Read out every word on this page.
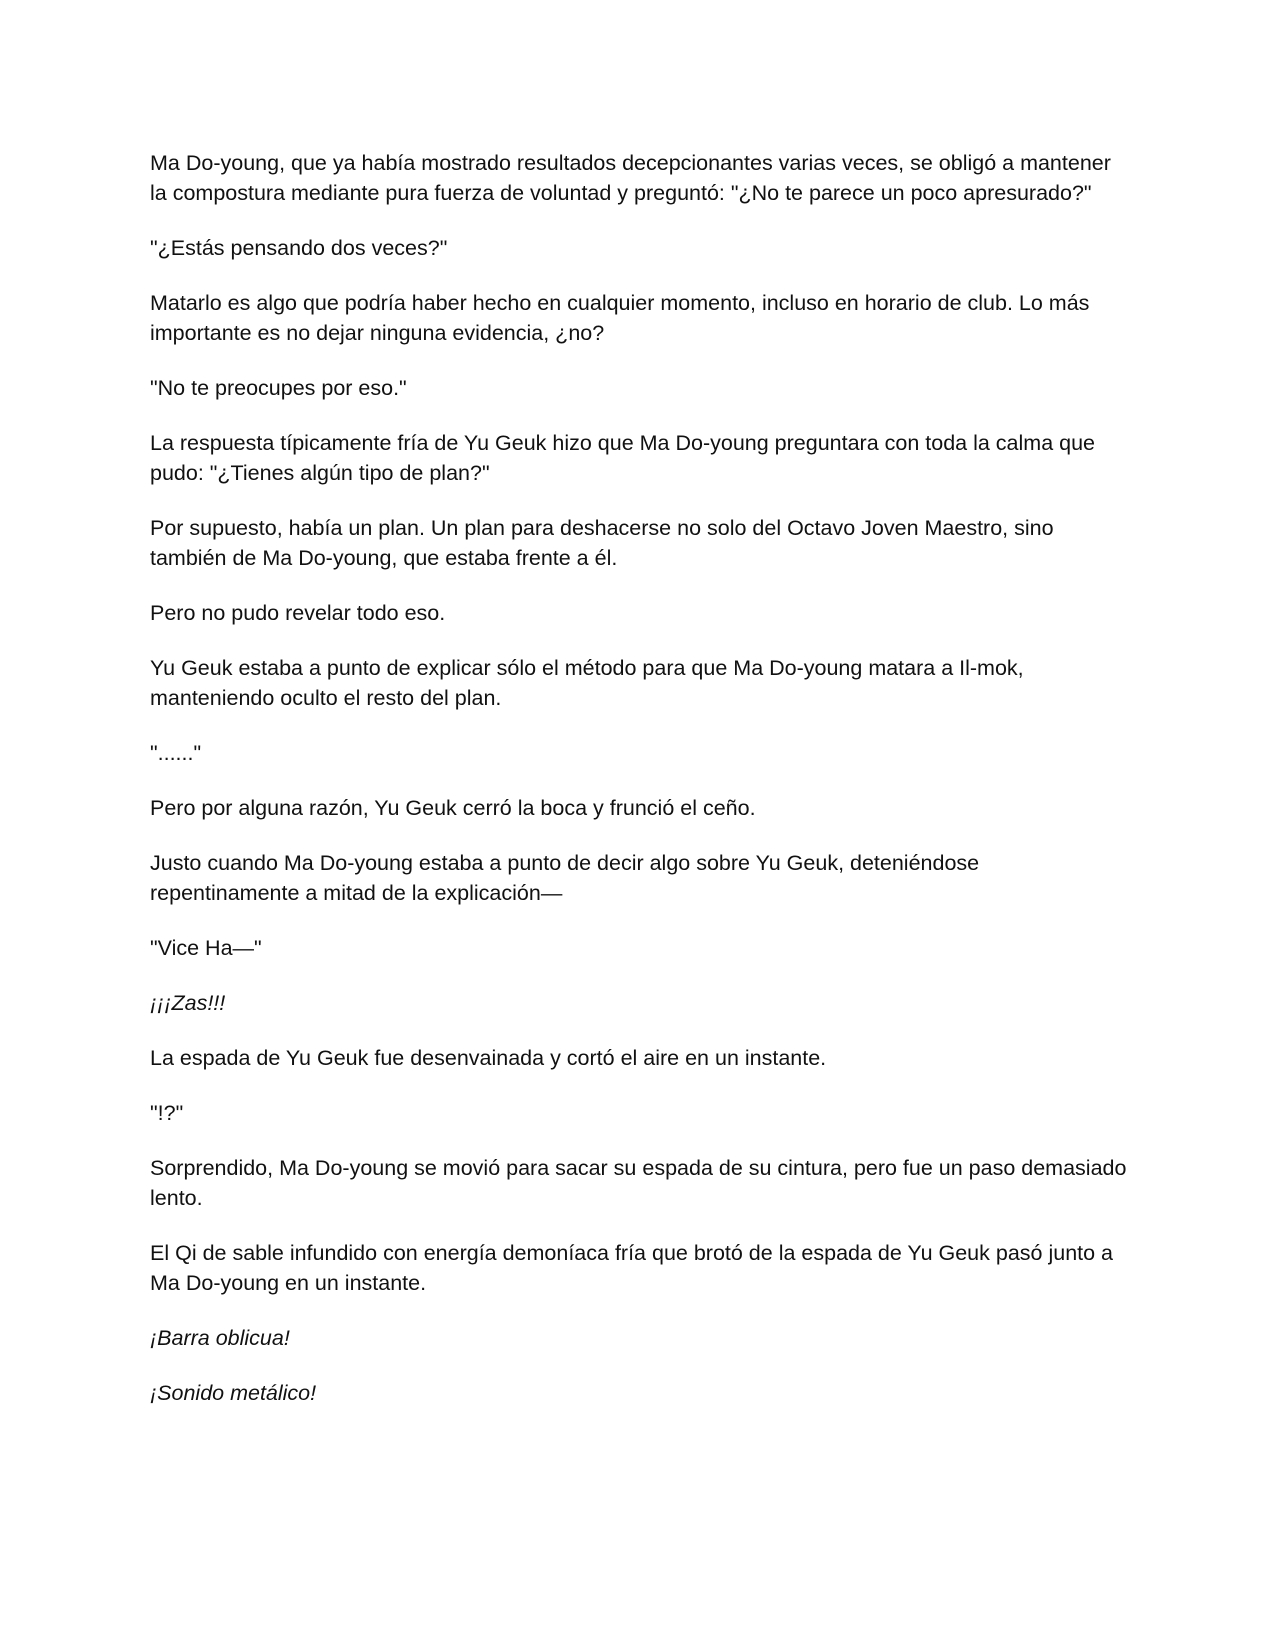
Ma Do-young, que ya había mostrado resultados decepcionantes varias veces, se obligó a mantener la compostura mediante pura fuerza de voluntad y preguntó: "¿No te parece un poco apresurado?"

"¿Estás pensando dos veces?"

Matarlo es algo que podría haber hecho en cualquier momento, incluso en horario de club. Lo más importante es no dejar ninguna evidencia, ¿no?

"No te preocupes por eso."

La respuesta típicamente fría de Yu Geuk hizo que Ma Do-young preguntara con toda la calma que pudo: "¿Tienes algún tipo de plan?"

Por supuesto, había un plan. Un plan para deshacerse no solo del Octavo Joven Maestro, sino también de Ma Do-young, que estaba frente a él.

Pero no pudo revelar todo eso.

Yu Geuk estaba a punto de explicar sólo el método para que Ma Do-young matara a Il-mok, manteniendo oculto el resto del plan.

"......"

Pero por alguna razón, Yu Geuk cerró la boca y frunció el ceño.

Justo cuando Ma Do-young estaba a punto de decir algo sobre Yu Geuk, deteniéndose repentinamente a mitad de la explicación—

"Vice Ha—"

¡¡¡Zas!!!

La espada de Yu Geuk fue desenvainada y cortó el aire en un instante.

"!?"

Sorprendido, Ma Do-young se movió para sacar su espada de su cintura, pero fue un paso demasiado lento.

El Qi de sable infundido con energía demoníaca fría que brotó de la espada de Yu Geuk pasó junto a Ma Do-young en un instante.

¡Barra oblicua!

¡Sonido metálico!
